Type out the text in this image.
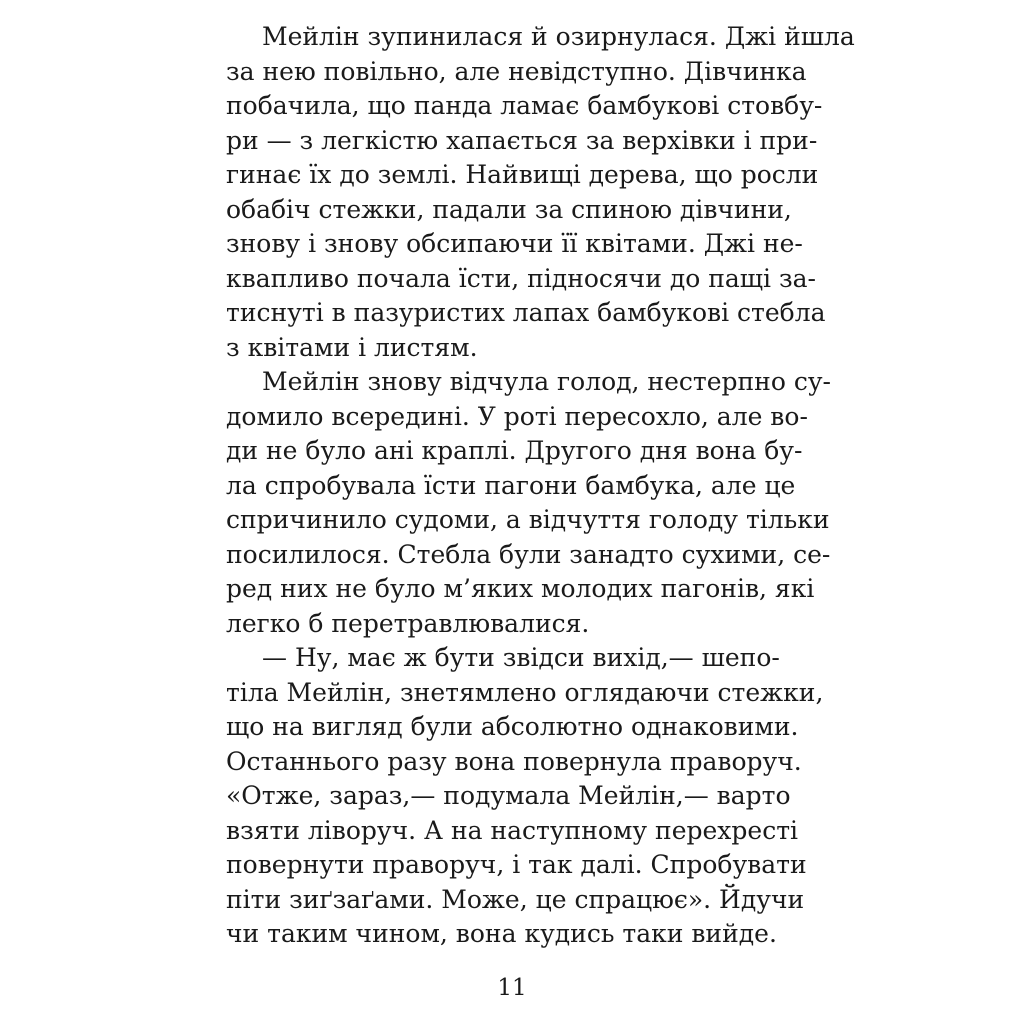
Мейлін зупинилася й озирнулася. Джі йшла
за нею повільно, але невідступно. Дівчинка
побачила, що панда ламає бамбукові стовбу-
ри — з легкістю хапається за верхівки і при-
гинає їх до землі. Найвищі дерева, що росли
обабіч стежки, падали за спиною дівчини,
знову і знову обсипаючи її квітами. Джі не-
квапливо почала їсти, підносячи до пащі за-
тиснуті в пазуристих лапах бамбукові стебла
з квітами і листям.
Мейлін знову відчула голод, нестерпно су-
домило всередині. У роті пересохло, але во-
ди не було ані краплі. Другого дня вона бу-
ла спробувала їсти пагони бамбука, але це
спричинило судоми, а відчуття голоду тільки
посилилося. Стебла були занадто сухими, се-
ред них не було м’яких молодих пагонів, які
легко б перетравлювалися.
— Ну, має ж бути звідси вихід,— шепо-
тіла Мейлін, знетямлено оглядаючи стежки,
що на вигляд були абсолютно однаковими.
Останнього разу вона повернула праворуч.
«Отже, зараз,— подумала Мейлін,— варто
взяти ліворуч. А на наступному перехресті
повернути праворуч, і так далі. Спробувати
піти зиґзаґами. Може, це спрацює». Йдучи
чи таким чином, вона кудись таки вийде.
11
